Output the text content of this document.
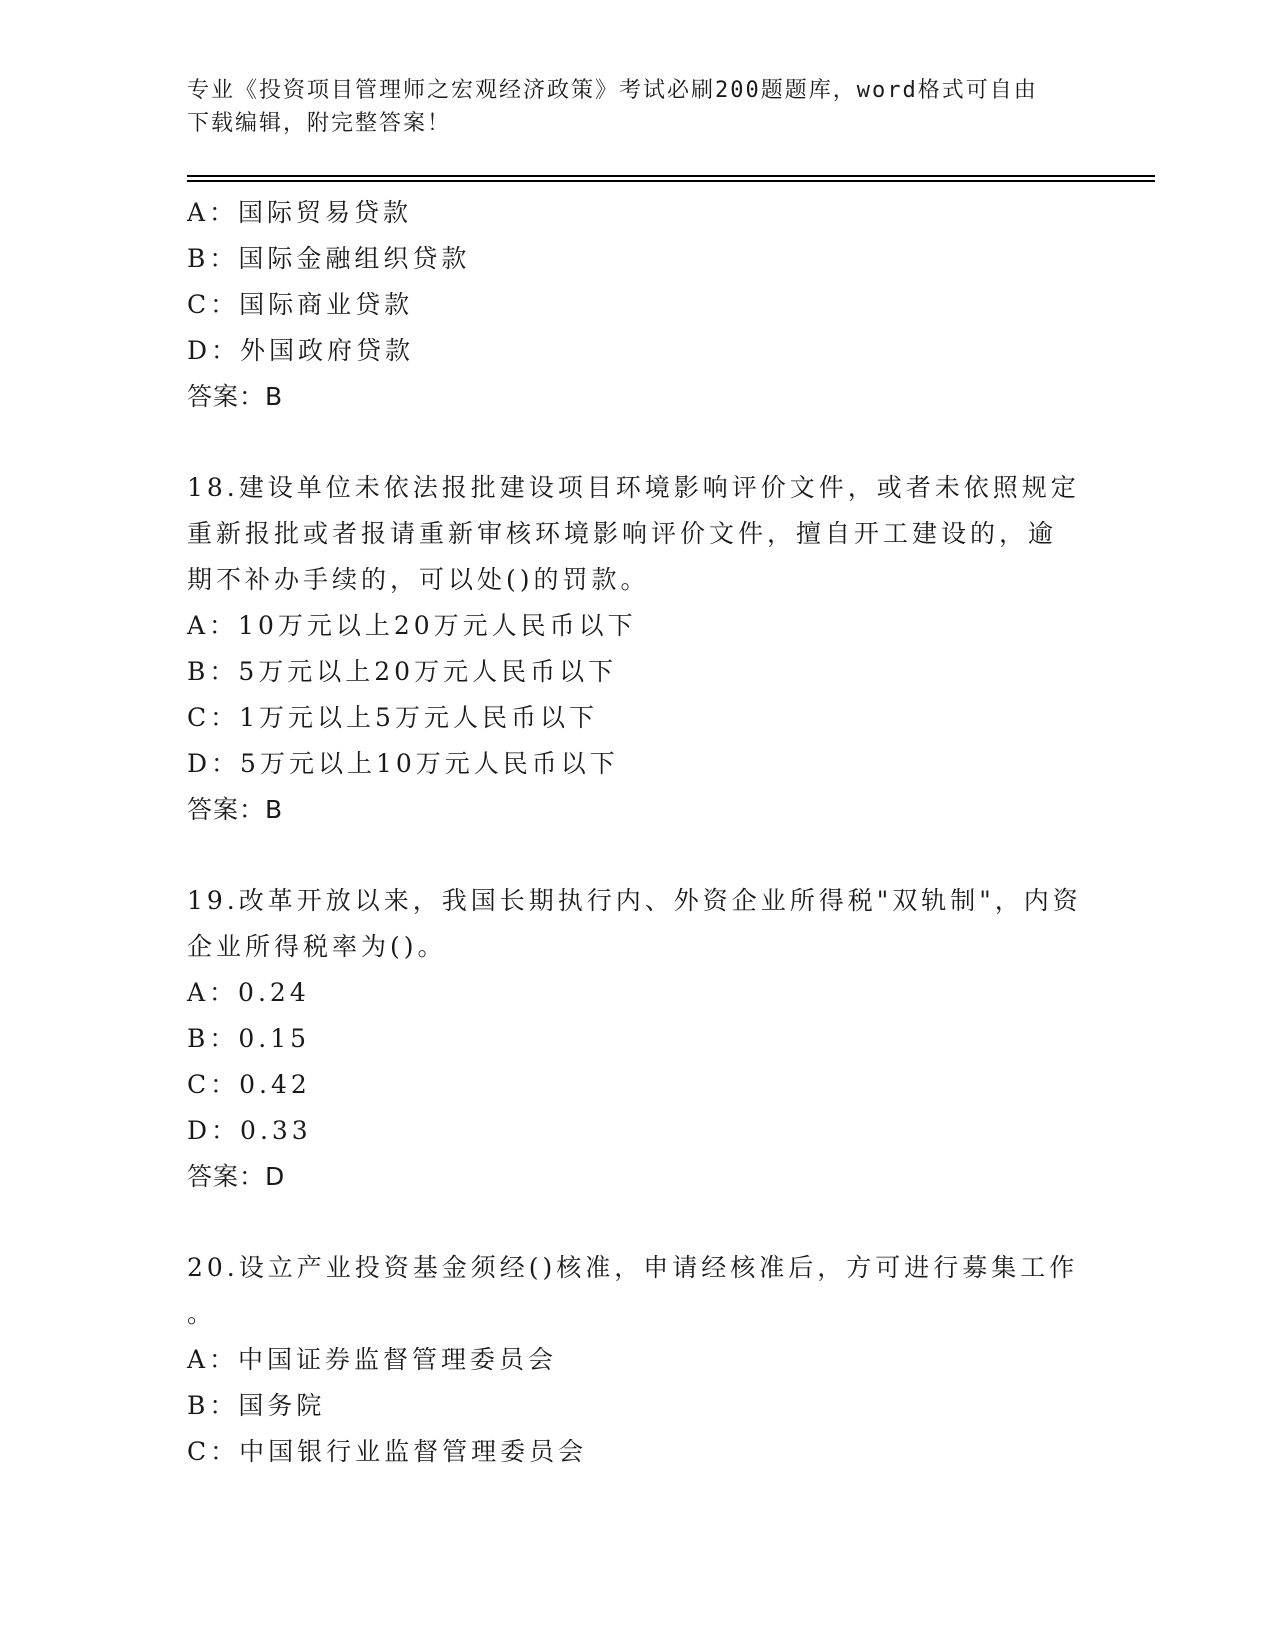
专业《投资项目管理师之宏观经济政策》考试必刷200题题库，word格式可自由
下载编辑，附完整答案！
A：国际贸易贷款
B：国际金融组织贷款
C：国际商业贷款
D：外国政府贷款
答案：B
18.建设单位未依法报批建设项目环境影响评价文件，或者未依照规定
重新报批或者报请重新审核环境影响评价文件，擅自开工建设的，逾
期不补办手续的，可以处()的罚款。
A：10万元以上20万元人民币以下
B：5万元以上20万元人民币以下
C：1万元以上5万元人民币以下
D：5万元以上10万元人民币以下
答案：B
19.改革开放以来，我国长期执行内、外资企业所得税"双轨制"，内资
企业所得税率为()。
A：0.24
B：0.15
C：0.42
D：0.33
答案：D
20.设立产业投资基金须经()核准，申请经核准后，方可进行募集工作
。
A：中国证券监督管理委员会
B：国务院
C：中国银行业监督管理委员会
